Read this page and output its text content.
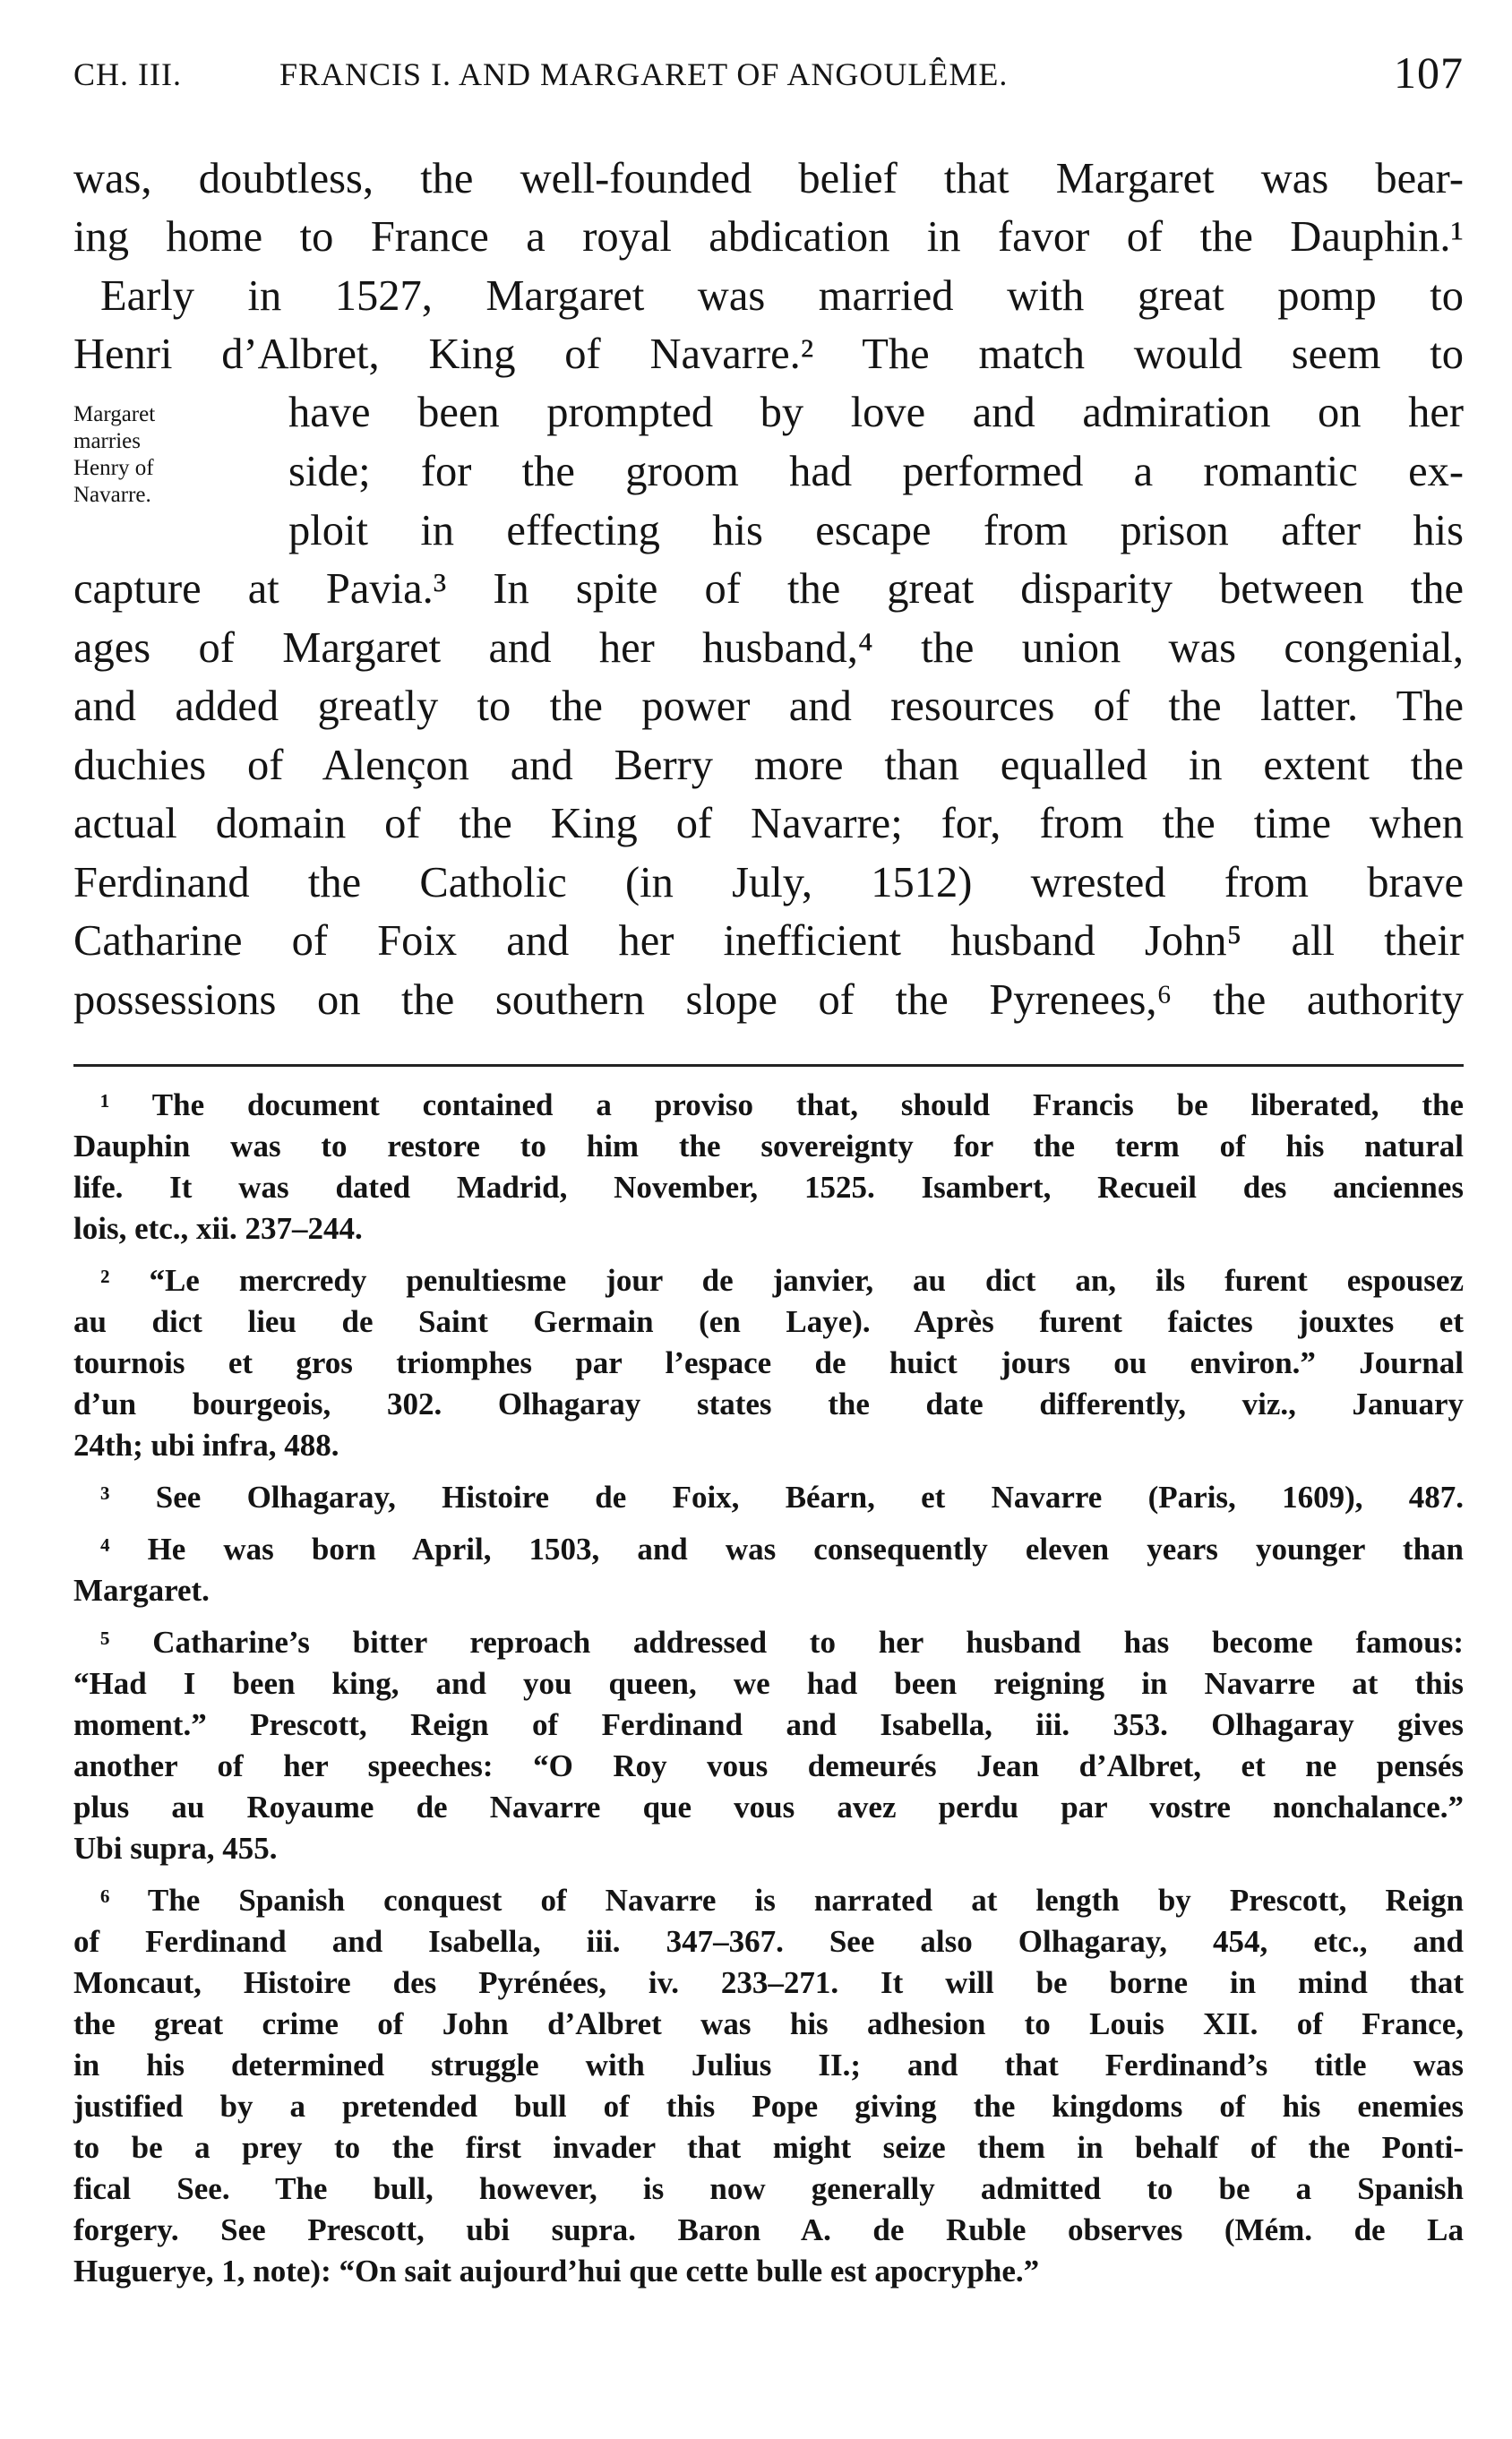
CH. III.	FRANCIS I. AND MARGARET OF ANGOULÊME.	107
was, doubtless, the well-founded belief that Margaret was bear-
ing home to France a royal abdication in favor of the Dauphin.¹
Early in 1527, Margaret was married with great pomp to
Henri d’Albret, King of Navarre.² The match would seem to
have been prompted by love and admiration on her
side; for the groom had performed a romantic ex-
ploit in effecting his escape from prison after his
capture at Pavia.³ In spite of the great disparity between the
ages of Margaret and her husband,⁴ the union was congenial,
and added greatly to the power and resources of the latter. The
duchies of Alençon and Berry more than equalled in extent the
actual domain of the King of Navarre; for, from the time when
Ferdinand the Catholic (in July, 1512) wrested from brave
Catharine of Foix and her inefficient husband John⁵ all their
possessions on the southern slope of the Pyrenees,⁶ the authority
Margaret
marries
Henry of
Navarre.
¹ The document contained a proviso that, should Francis be liberated, the
Dauphin was to restore to him the sovereignty for the term of his natural
life. It was dated Madrid, November, 1525. Isambert, Recueil des anciennes
lois, etc., xii. 237–244.
² “Le mercredy penultiesme jour de janvier, au dict an, ils furent espousez
au dict lieu de Saint Germain (en Laye). Après furent faictes jouxtes et
tournois et gros triomphes par l’espace de huict jours ou environ.” Journal
d’un bourgeois, 302. Olhagaray states the date differently, viz., January
24th; ubi infra, 488.
³ See Olhagaray, Histoire de Foix, Béarn, et Navarre (Paris, 1609), 487.
⁴ He was born April, 1503, and was consequently eleven years younger than
Margaret.
⁵ Catharine’s bitter reproach addressed to her husband has become famous:
“Had I been king, and you queen, we had been reigning in Navarre at this
moment.” Prescott, Reign of Ferdinand and Isabella, iii. 353. Olhagaray gives
another of her speeches: “O Roy vous demeurés Jean d’Albret, et ne pensés
plus au Royaume de Navarre que vous avez perdu par vostre nonchalance.”
Ubi supra, 455.
⁶ The Spanish conquest of Navarre is narrated at length by Prescott, Reign
of Ferdinand and Isabella, iii. 347–367. See also Olhagaray, 454, etc., and
Moncaut, Histoire des Pyrénées, iv. 233–271. It will be borne in mind that
the great crime of John d’Albret was his adhesion to Louis XII. of France,
in his determined struggle with Julius II.; and that Ferdinand’s title was
justified by a pretended bull of this Pope giving the kingdoms of his enemies
to be a prey to the first invader that might seize them in behalf of the Ponti-
fical See. The bull, however, is now generally admitted to be a Spanish
forgery. See Prescott, ubi supra. Baron A. de Ruble observes (Mém. de La
Hugueryе, 1, note): “On sait aujourd’hui que cette bulle est apocryphe.”
